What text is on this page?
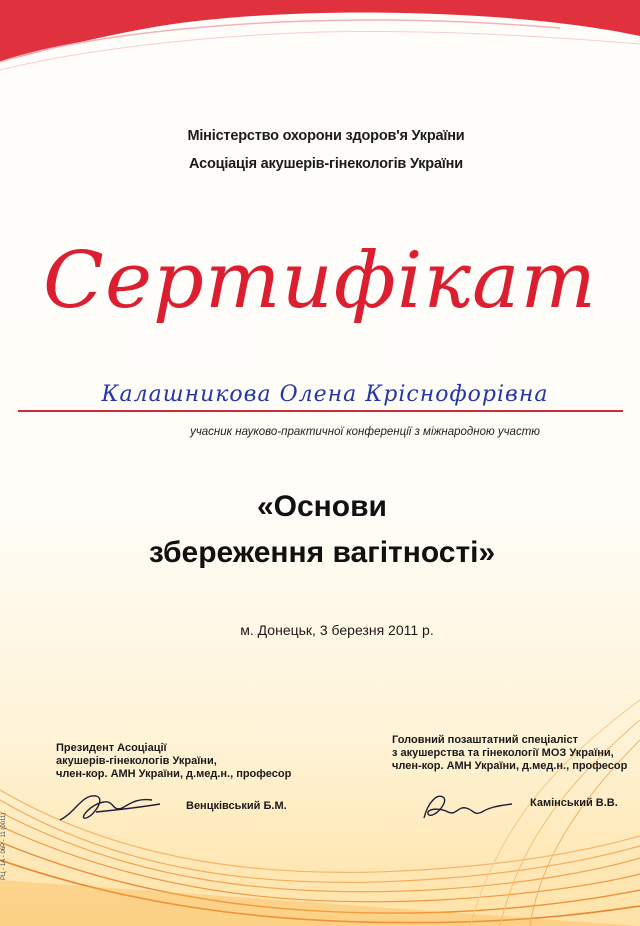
Міністерство охорони здоров'я України
Асоціація акушерів-гінекологів України
Сертифікат
Калашникова Олена Кріснофорівна
учасник науково-практичної конференції з міжнародною участю
«Основи
збереження вагітності»
м. Донецьк, 3 березня 2011 р.
Президент Асоціації
акушерів-гінекологів України,
член-кор. АМН України, д.мед.н., професор
Венцківський Б.М.
Головний позаштатний спеціаліст
з акушерства та гінекології МОЗ України,
член-кор. АМН України, д.мед.н., професор
Камінський В.В.
РЦ - 1А - 06Р - 11 (0011)
